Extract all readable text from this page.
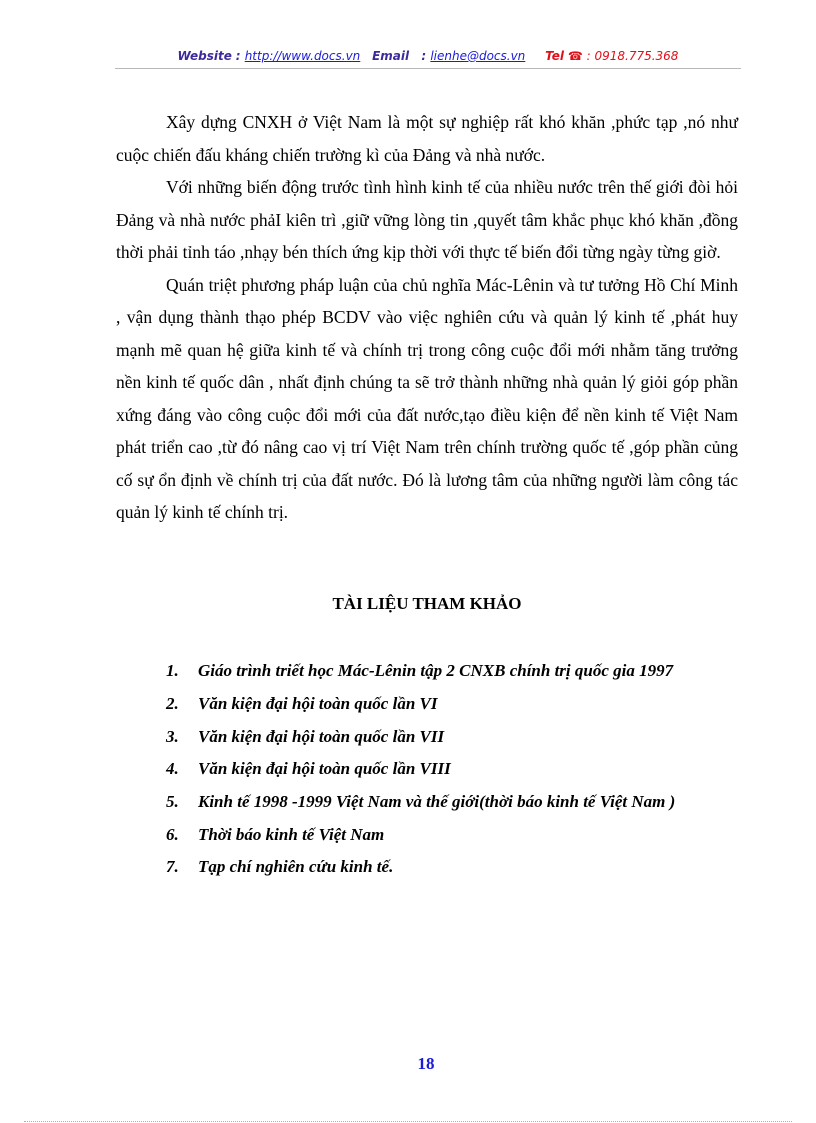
Website : http://www.docs.vn Email   : lienhe@docs.vn Tel ☎ : 0918.775.368

Xây dựng CNXH ở Việt Nam là một sự nghiệp rất khó khăn ,phức tạp ,nó như cuộc chiến đấu kháng chiến trường kì của Đảng và nhà nước.

Với những biến động trước tình hình kinh tế của nhiều nước trên thế giới đòi hỏi Đảng và nhà nước phảI kiên trì ,giữ vững lòng tin ,quyết tâm khắc phục khó khăn ,đồng thời phải tỉnh táo ,nhạy bén thích ứng kịp thời với thực tế biến đổi từng ngày từng giờ.

Quán triệt phương pháp luận của chủ nghĩa Mác-Lênin và tư tưởng Hồ Chí Minh , vận dụng thành thạo phép BCDV vào việc nghiên cứu và quản lý kinh tế ,phát huy mạnh mẽ quan hệ giữa kinh tế và chính trị trong công cuộc đổi mới nhằm tăng trưởng nền kinh tế quốc dân , nhất định chúng ta sẽ trở thành những nhà quản lý giỏi góp phần xứng đáng vào công cuộc đổi mới của đất nước,tạo điều kiện để nền kinh tế Việt Nam phát triển cao ,từ đó nâng cao vị trí Việt Nam trên chính trường quốc tế ,góp phần củng cố sự ổn định về chính trị của đất nước. Đó là lương tâm của những người làm công tác quản lý kinh tế chính trị.

TÀI LIỆU THAM KHẢO
1.	Giáo trình triết học Mác-Lênin tập 2 CNXB chính trị quốc gia 1997
2.	Văn kiện đại hội toàn quốc lần VI
3.	Văn kiện đại hội toàn quốc lần VII
4.	Văn kiện đại hội toàn quốc lần VIII
5.	Kinh tế 1998 -1999 Việt Nam và thế giới(thời báo kinh tế Việt Nam )
6.	Thời báo kinh tế Việt Nam
7.	Tạp chí nghiên cứu kinh tế.
18
